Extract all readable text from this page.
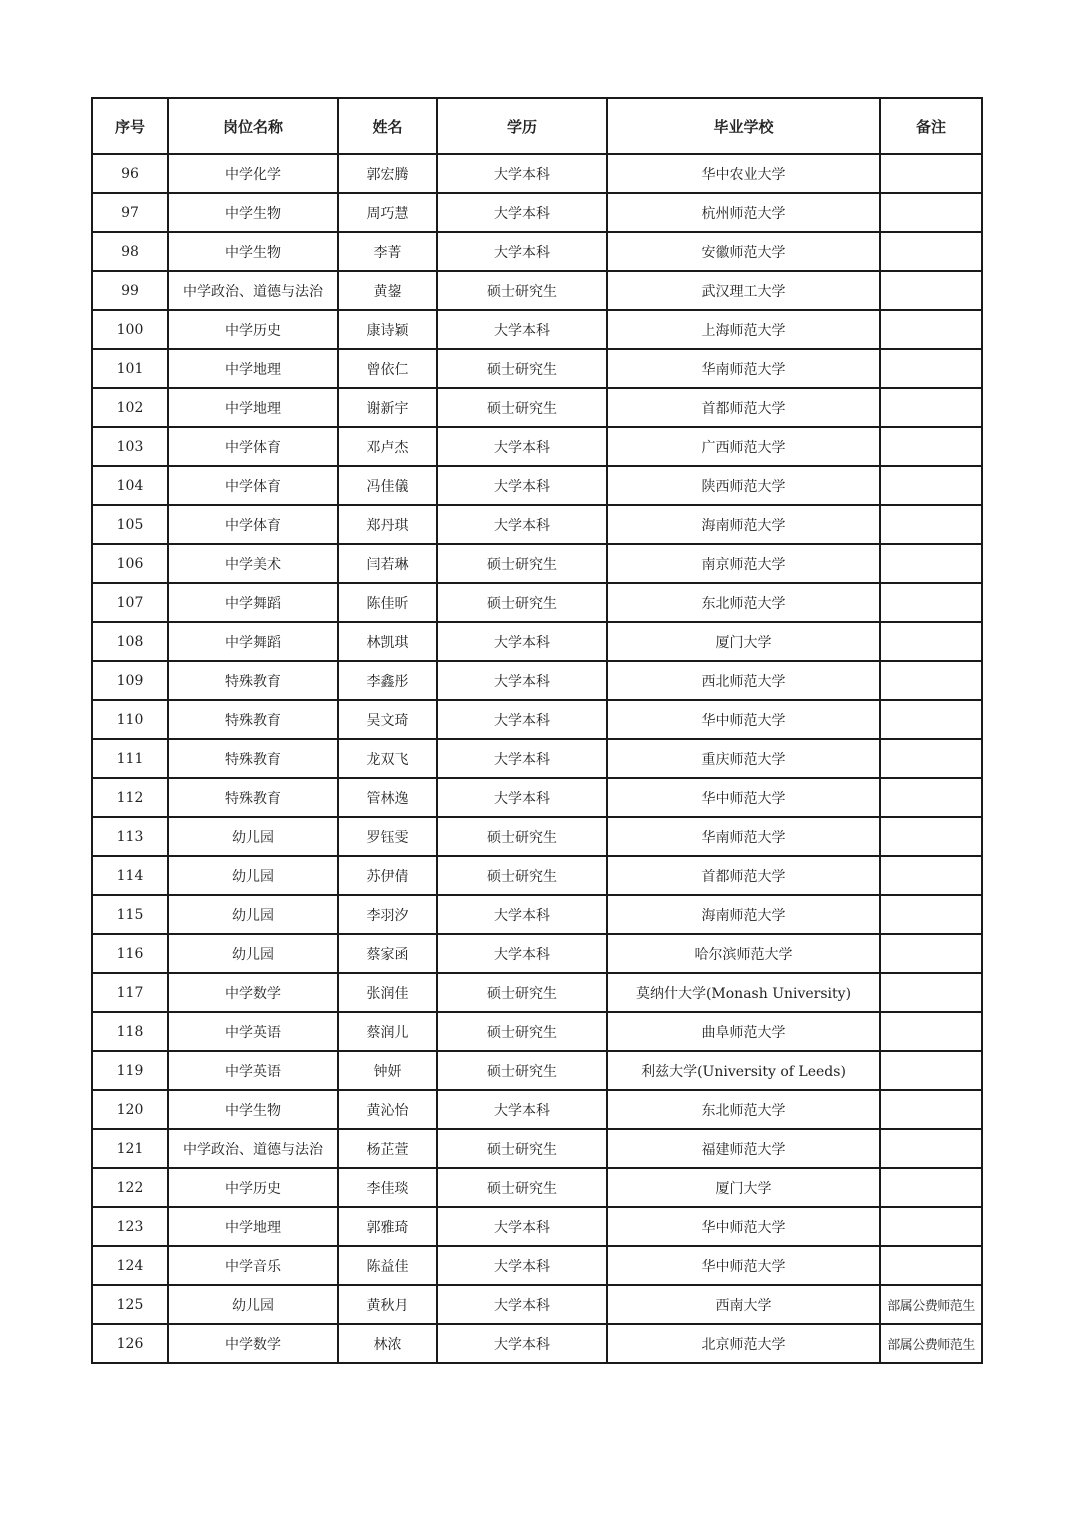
序号	岗位名称	姓名	学历	毕业学校	备注
96	中学化学	郭宏腾	大学本科	华中农业大学	
97	中学生物	周巧慧	大学本科	杭州师范大学	
98	中学生物	李菁	大学本科	安徽师范大学	
99	中学政治、道德与法治	黄鋆	硕士研究生	武汉理工大学	
100	中学历史	康诗颖	大学本科	上海师范大学	
101	中学地理	曾依仁	硕士研究生	华南师范大学	
102	中学地理	谢新宇	硕士研究生	首都师范大学	
103	中学体育	邓卢杰	大学本科	广西师范大学	
104	中学体育	冯佳儀	大学本科	陕西师范大学	
105	中学体育	郑丹琪	大学本科	海南师范大学	
106	中学美术	闫若琳	硕士研究生	南京师范大学	
107	中学舞蹈	陈佳昕	硕士研究生	东北师范大学	
108	中学舞蹈	林凯琪	大学本科	厦门大学	
109	特殊教育	李鑫彤	大学本科	西北师范大学	
110	特殊教育	吴文琦	大学本科	华中师范大学	
111	特殊教育	龙双飞	大学本科	重庆师范大学	
112	特殊教育	管林逸	大学本科	华中师范大学	
113	幼儿园	罗钰雯	硕士研究生	华南师范大学	
114	幼儿园	苏伊倩	硕士研究生	首都师范大学	
115	幼儿园	李羽汐	大学本科	海南师范大学	
116	幼儿园	蔡家函	大学本科	哈尔滨师范大学	
117	中学数学	张润佳	硕士研究生	莫纳什大学(Monash University)	
118	中学英语	蔡润儿	硕士研究生	曲阜师范大学	
119	中学英语	钟妍	硕士研究生	利兹大学(University of Leeds)	
120	中学生物	黄沁怡	大学本科	东北师范大学	
121	中学政治、道德与法治	杨芷萱	硕士研究生	福建师范大学	
122	中学历史	李佳琰	硕士研究生	厦门大学	
123	中学地理	郭雅琦	大学本科	华中师范大学	
124	中学音乐	陈益佳	大学本科	华中师范大学	
125	幼儿园	黄秋月	大学本科	西南大学	部属公费师范生
126	中学数学	林浓	大学本科	北京师范大学	部属公费师范生
